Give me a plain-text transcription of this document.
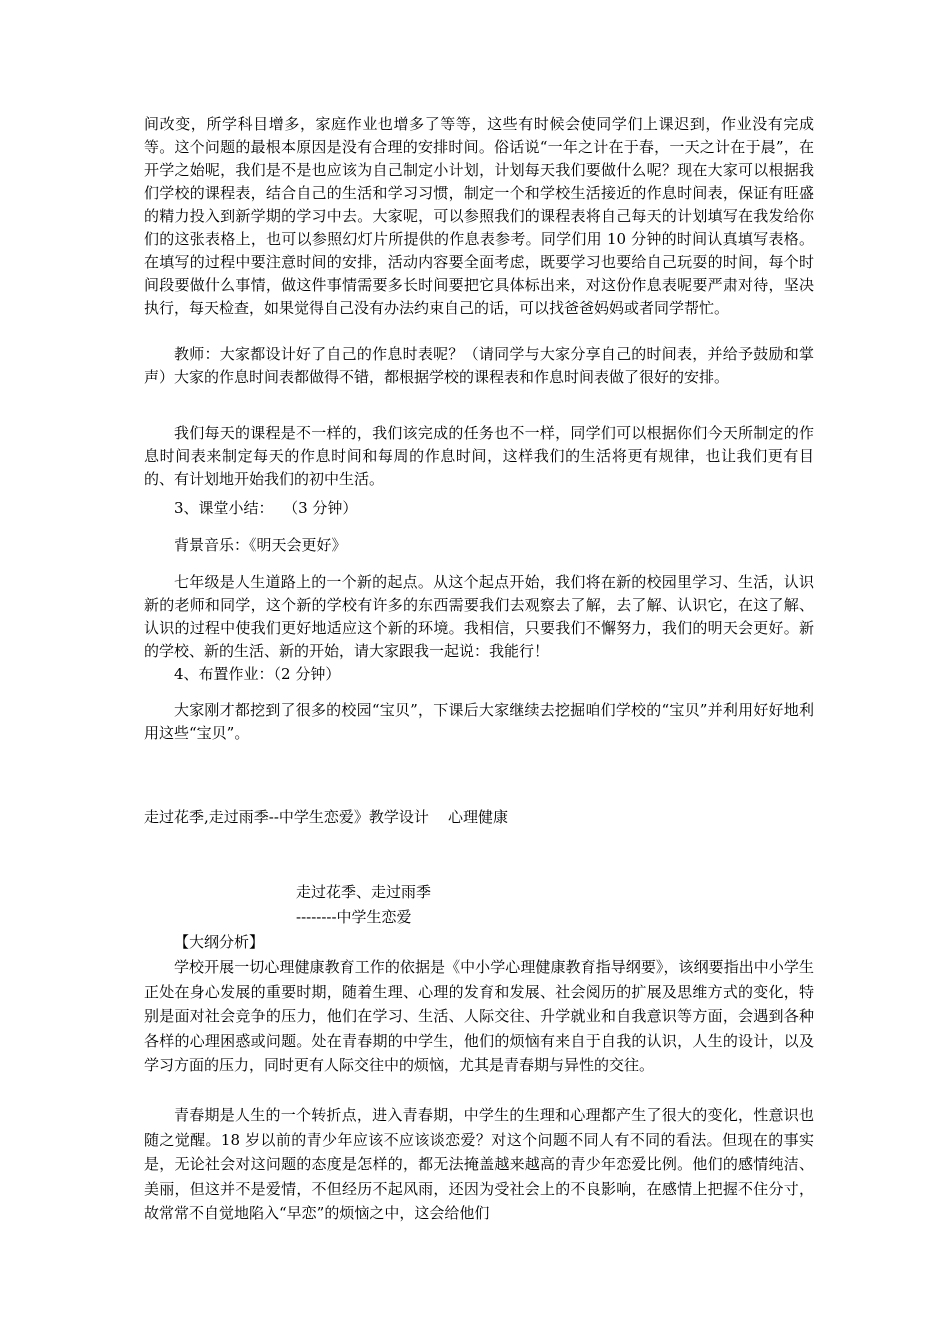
间改变，所学科目增多，家庭作业也增多了等等，这些有时候会使同学们上课迟到，作业没有完成等。这个问题的最根本原因是没有合理的安排时间。俗话说“一年之计在于春，一天之计在于晨”，在开学之始呢，我们是不是也应该为自己制定小计划，计划每天我们要做什么呢？现在大家可以根据我们学校的课程表，结合自己的生活和学习习惯，制定一个和学校生活接近的作息时间表，保证有旺盛的精力投入到新学期的学习中去。大家呢，可以参照我们的课程表将自己每天的计划填写在我发给你们的这张表格上，也可以参照幻灯片所提供的作息表参考。同学们用 10 分钟的时间认真填写表格。在填写的过程中要注意时间的安排，活动内容要全面考虑，既要学习也要给自己玩耍的时间，每个时间段要做什么事情，做这件事情需要多长时间要把它具体标出来，对这份作息表呢要严肃对待，坚决执行，每天检查，如果觉得自己没有办法约束自己的话，可以找爸爸妈妈或者同学帮忙。

教师：大家都设计好了自己的作息时表呢？（请同学与大家分享自己的时间表，并给予鼓励和掌声）大家的作息时间表都做得不错，都根据学校的课程表和作息时间表做了很好的安排。

我们每天的课程是不一样的，我们该完成的任务也不一样，同学们可以根据你们今天所制定的作息时间表来制定每天的作息时间和每周的作息时间，这样我们的生活将更有规律，也让我们更有目的、有计划地开始我们的初中生活。

3、课堂小结：  （3 分钟）

背景音乐：《明天会更好》

七年级是人生道路上的一个新的起点。从这个起点开始，我们将在新的校园里学习、生活，认识新的老师和同学，这个新的学校有许多的东西需要我们去观察去了解，去了解、认识它，在这了解、认识的过程中使我们更好地适应这个新的环境。我相信，只要我们不懈努力，我们的明天会更好。新的学校、新的生活、新的开始，请大家跟我一起说：我能行！

4、布置作业：（2 分钟）

大家刚才都挖到了很多的校园“宝贝”，下课后大家继续去挖掘咱们学校的“宝贝”并利用好好地利用这些“宝贝”。

走过花季,走过雨季--中学生恋爱》教学设计    心理健康
走过花季、走过雨季
--------中学生恋爱
【大纲分析】

学校开展一切心理健康教育工作的依据是《中小学心理健康教育指导纲要》，该纲要指出中小学生正处在身心发展的重要时期，随着生理、心理的发育和发展、社会阅历的扩展及思维方式的变化，特别是面对社会竞争的压力，他们在学习、生活、人际交往、升学就业和自我意识等方面，会遇到各种各样的心理困惑或问题。处在青春期的中学生，他们的烦恼有来自于自我的认识，人生的设计，以及学习方面的压力，同时更有人际交往中的烦恼，尤其是青春期与异性的交往。

青春期是人生的一个转折点，进入青春期，中学生的生理和心理都产生了很大的变化，性意识也随之觉醒。18 岁以前的青少年应该不应该谈恋爱？对这个问题不同人有不同的看法。但现在的事实是，无论社会对这问题的态度是怎样的，都无法掩盖越来越高的青少年恋爱比例。他们的感情纯洁、美丽，但这并不是爱情，不但经历不起风雨，还因为受社会上的不良影响，在感情上把握不住分寸，故常常不自觉地陷入“早恋”的烦恼之中，这会给他们
